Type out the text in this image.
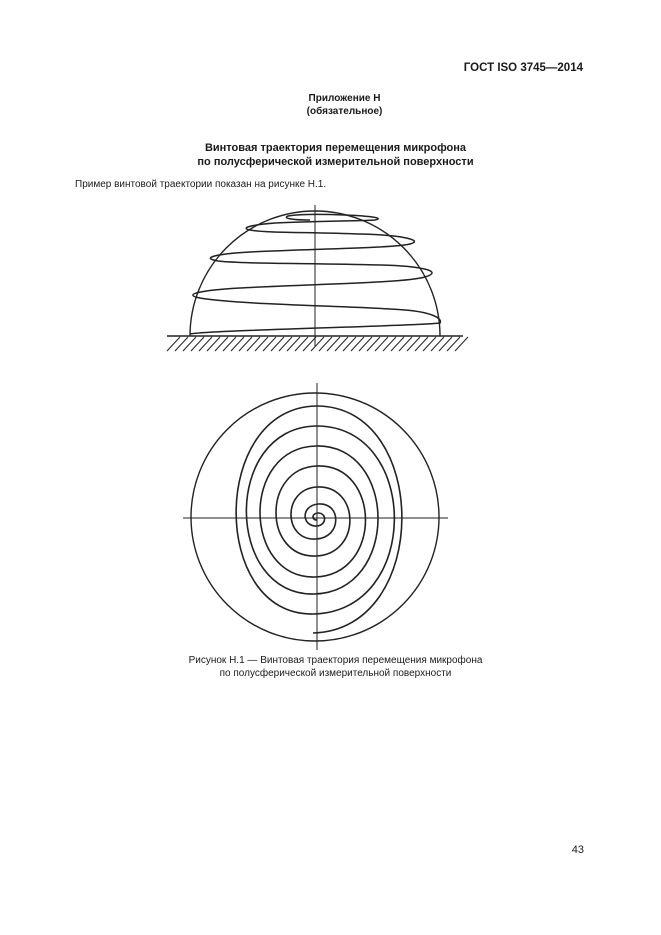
ГОСТ ISO 3745—2014
Приложение Н
(обязательное)
Винтовая траектория перемещения микрофона
по полусферической измерительной поверхности
Пример винтовой траектории показан на рисунке Н.1.
Рисунок Н.1 — Винтовая траектория перемещения микрофона
по полусферической измерительной поверхности
43
